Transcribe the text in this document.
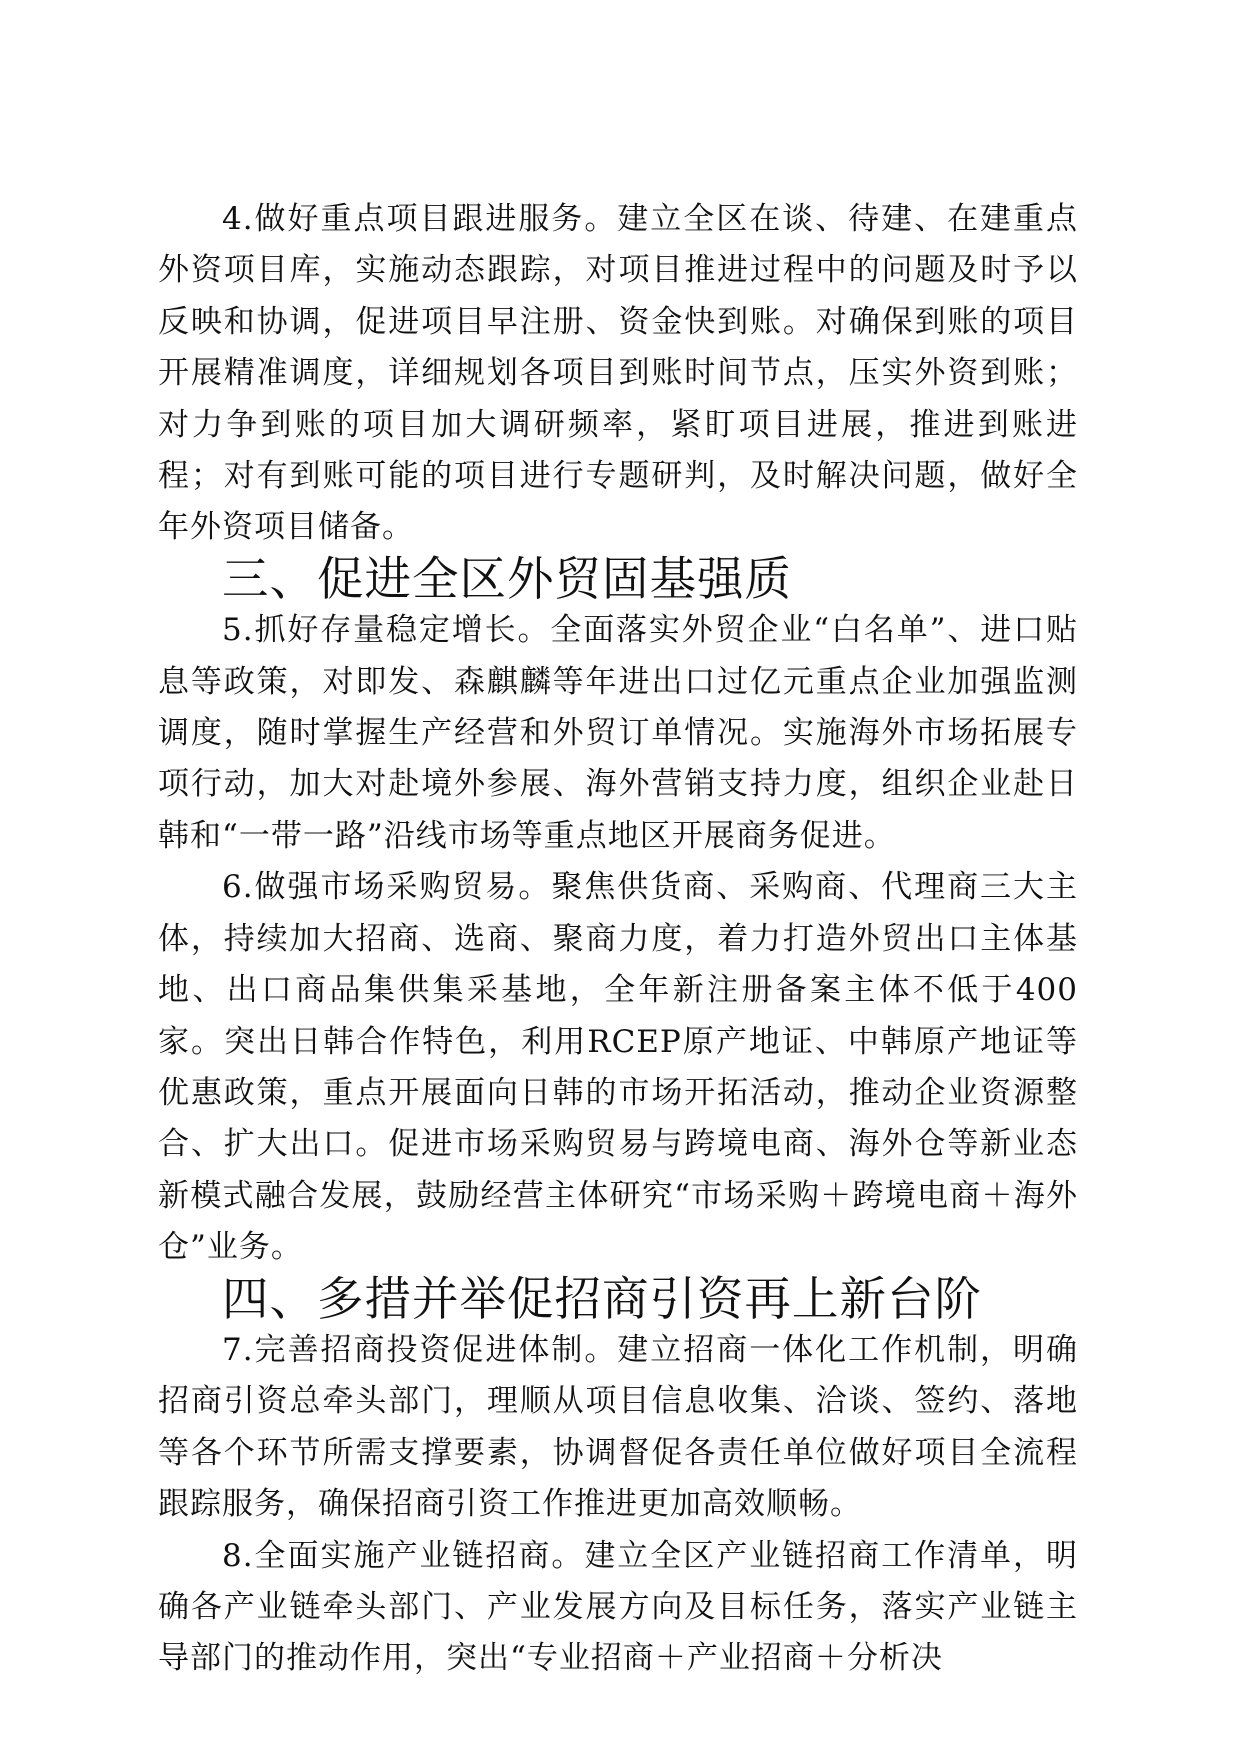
4.做好重点项目跟进服务。建立全区在谈、待建、在建重点外资项目库，实施动态跟踪，对项目推进过程中的问题及时予以反映和协调，促进项目早注册、资金快到账。对确保到账的项目开展精准调度，详细规划各项目到账时间节点，压实外资到账；对力争到账的项目加大调研频率，紧盯项目进展，推进到账进程；对有到账可能的项目进行专题研判，及时解决问题，做好全年外资项目储备。

三、促进全区外贸固基强质

5.抓好存量稳定增长。全面落实外贸企业“白名单”、进口贴息等政策，对即发、森麒麟等年进出口过亿元重点企业加强监测调度，随时掌握生产经营和外贸订单情况。实施海外市场拓展专项行动，加大对赴境外参展、海外营销支持力度，组织企业赴日韩和“一带一路”沿线市场等重点地区开展商务促进。

6.做强市场采购贸易。聚焦供货商、采购商、代理商三大主体，持续加大招商、选商、聚商力度，着力打造外贸出口主体基地、出口商品集供集采基地，全年新注册备案主体不低于400家。突出日韩合作特色，利用RCEP原产地证、中韩原产地证等优惠政策，重点开展面向日韩的市场开拓活动，推动企业资源整合、扩大出口。促进市场采购贸易与跨境电商、海外仓等新业态新模式融合发展，鼓励经营主体研究“市场采购＋跨境电商＋海外仓”业务。

四、多措并举促招商引资再上新台阶

7.完善招商投资促进体制。建立招商一体化工作机制，明确招商引资总牵头部门，理顺从项目信息收集、洽谈、签约、落地等各个环节所需支撑要素，协调督促各责任单位做好项目全流程跟踪服务，确保招商引资工作推进更加高效顺畅。

8.全面实施产业链招商。建立全区产业链招商工作清单，明确各产业链牵头部门、产业发展方向及目标任务，落实产业链主导部门的推动作用，突出“专业招商＋产业招商＋分析决
